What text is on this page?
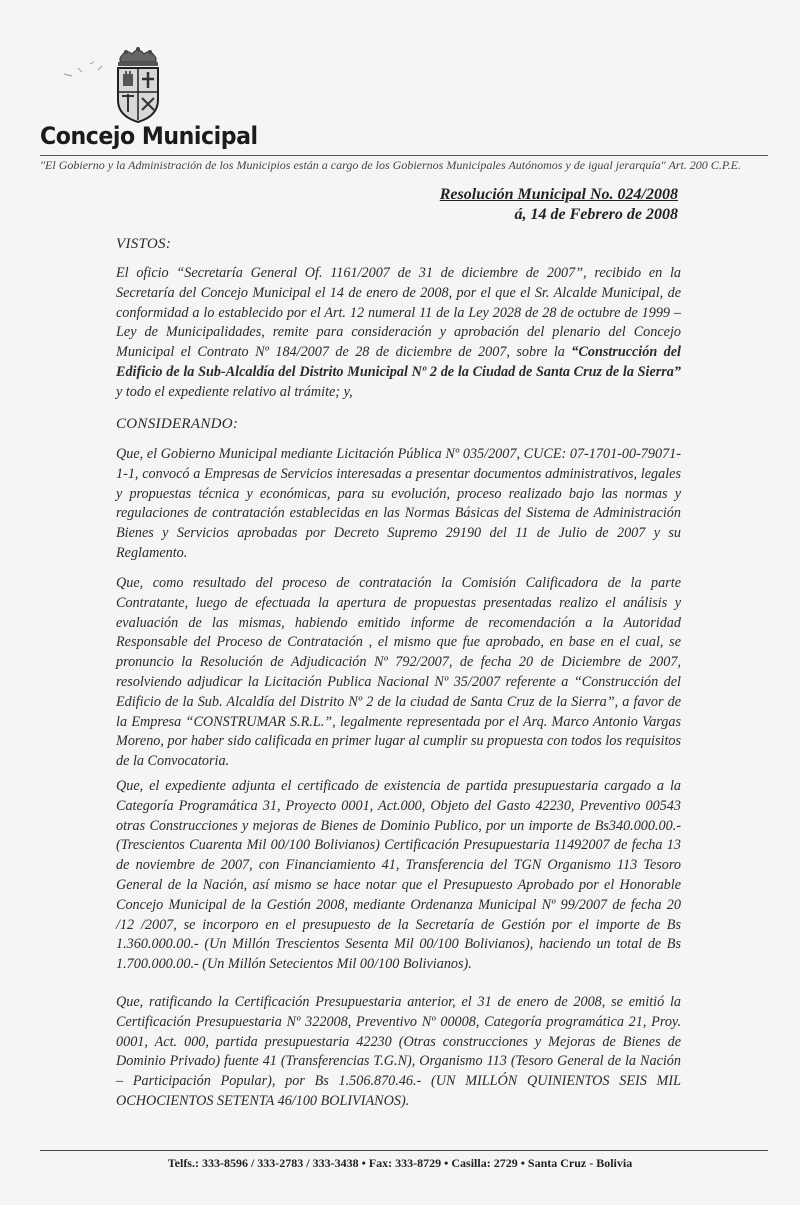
Concejo Municipal
"El Gobierno y la Administración de los Municipios están a cargo de los Gobiernos Municipales Autónomos y de igual jerarquía" Art. 200 C.P.E.
Resolución Municipal No. 024/2008
á, 14 de Febrero de 2008
VISTOS:
El oficio “Secretaría General Of. 1161/2007 de 31 de diciembre de 2007”, recibido en la Secretaría del Concejo Municipal el 14 de enero de 2008, por el que el Sr. Alcalde Municipal, de conformidad a lo establecido por el Art. 12 numeral 11 de la Ley 2028 de 28 de octubre de 1999 – Ley de Municipalidades, remite para consideración y aprobación del plenario del Concejo Municipal el Contrato Nº 184/2007 de 28 de diciembre de 2007, sobre la “Construcción del Edificio de la Sub-Alcaldía del Distrito Municipal Nº 2 de la Ciudad de Santa Cruz de la Sierra” y todo el expediente relativo al trámite; y,
CONSIDERANDO:
Que, el Gobierno Municipal mediante Licitación Pública Nº 035/2007, CUCE: 07-1701-00-79071-1-1, convocó a Empresas de Servicios interesadas a presentar documentos administrativos, legales y propuestas técnica y económicas, para su evolución, proceso realizado bajo las normas y regulaciones de contratación establecidas en las Normas Básicas del Sistema de Administración Bienes y Servicios aprobadas por Decreto Supremo 29190 del 11 de Julio de 2007 y su Reglamento.
Que, como resultado del proceso de contratación la Comisión Calificadora de la parte Contratante, luego de efectuada la apertura de propuestas presentadas realizo el análisis y evaluación de las mismas, habiendo emitido informe de recomendación a la Autoridad Responsable del Proceso de Contratación , el mismo que fue aprobado, en base en el cual, se pronuncio la Resolución de Adjudicación Nº 792/2007, de fecha 20 de Diciembre de 2007, resolviendo adjudicar la Licitación Publica Nacional Nº 35/2007 referente a “Construcción del Edificio de la Sub. Alcaldía del Distrito Nº 2 de la ciudad de Santa Cruz de la Sierra”, a favor de la Empresa “CONSTRUMAR S.R.L.”, legalmente representada por el Arq. Marco Antonio Vargas Moreno, por haber sido calificada en primer lugar al cumplir su propuesta con todos los requisitos de la Convocatoria.
Que, el expediente adjunta el certificado de existencia de partida presupuestaria cargado a la Categoría Programática 31, Proyecto 0001, Act.000, Objeto del Gasto 42230, Preventivo 00543 otras Construcciones y mejoras de Bienes de Dominio Publico, por un importe de Bs340.000.00.- (Trescientos Cuarenta Mil 00/100 Bolivianos) Certificación Presupuestaria 11492007 de fecha 13 de noviembre de 2007, con Financiamiento 41, Transferencia del TGN Organismo 113 Tesoro General de la Nación, así mismo se hace notar que el Presupuesto Aprobado por el Honorable Concejo Municipal de la Gestión 2008, mediante Ordenanza Municipal Nº 99/2007 de fecha 20 /12 /2007, se incorporo en el presupuesto de la Secretaría de Gestión por el importe de Bs 1.360.000.00.- (Un Millón Trescientos Sesenta Mil 00/100 Bolivianos), haciendo un total de Bs 1.700.000.00.- (Un Millón Setecientos Mil 00/100 Bolivianos).
Que, ratificando la Certificación Presupuestaria anterior, el 31 de enero de 2008, se emitió la Certificación Presupuestaria Nº 322008, Preventivo Nº 00008, Categoría programática 21, Proy. 0001, Act. 000, partida presupuestaria 42230 (Otras construcciones y Mejoras de Bienes de Dominio Privado) fuente 41 (Transferencias T.G.N), Organismo 113 (Tesoro General de la Nación – Participación Popular), por Bs 1.506.870.46.- (UN MILLÓN QUINIENTOS SEIS MIL OCHOCIENTOS SETENTA 46/100 BOLIVIANOS).
Telfs.: 333-8596 / 333-2783 / 333-3438 • Fax: 333-8729 • Casilla: 2729 • Santa Cruz - Bolivia
